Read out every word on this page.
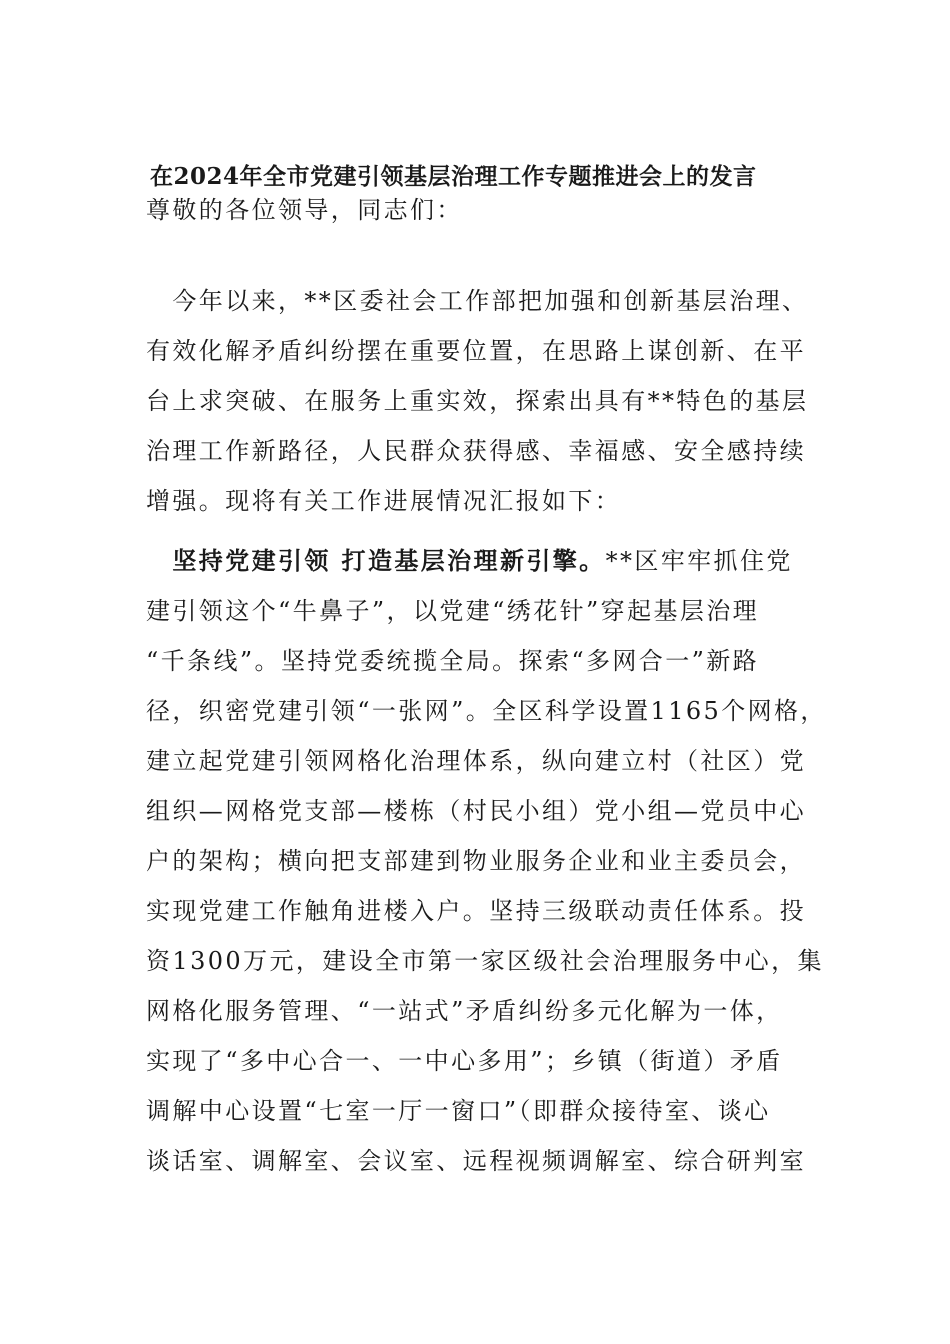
在2024年全市党建引领基层治理工作专题推进会上的发言
尊敬的各位领导，同志们：
　今年以来，**区委社会工作部把加强和创新基层治理、
有效化解矛盾纠纷摆在重要位置，在思路上谋创新、在平
台上求突破、在服务上重实效，探索出具有**特色的基层
治理工作新路径，人民群众获得感、幸福感、安全感持续
增强。现将有关工作进展情况汇报如下：
　坚持党建引领 打造基层治理新引擎。**区牢牢抓住党
建引领这个“牛鼻子”，以党建“绣花针”穿起基层治理
“千条线”。坚持党委统揽全局。探索“多网合一”新路
径，织密党建引领“一张网”。全区科学设置1165个网格，
建立起党建引领网格化治理体系，纵向建立村（社区）党
组织—网格党支部—楼栋（村民小组）党小组—党员中心
户的架构；横向把支部建到物业服务企业和业主委员会，
实现党建工作触角进楼入户。坚持三级联动责任体系。投
资1300万元，建设全市第一家区级社会治理服务中心，集
网格化服务管理、“一站式”矛盾纠纷多元化解为一体，
实现了“多中心合一、一中心多用”；乡镇（街道）矛盾
调解中心设置“七室一厅一窗口”（即群众接待室、谈心
谈话室、调解室、会议室、远程视频调解室、综合研判室
